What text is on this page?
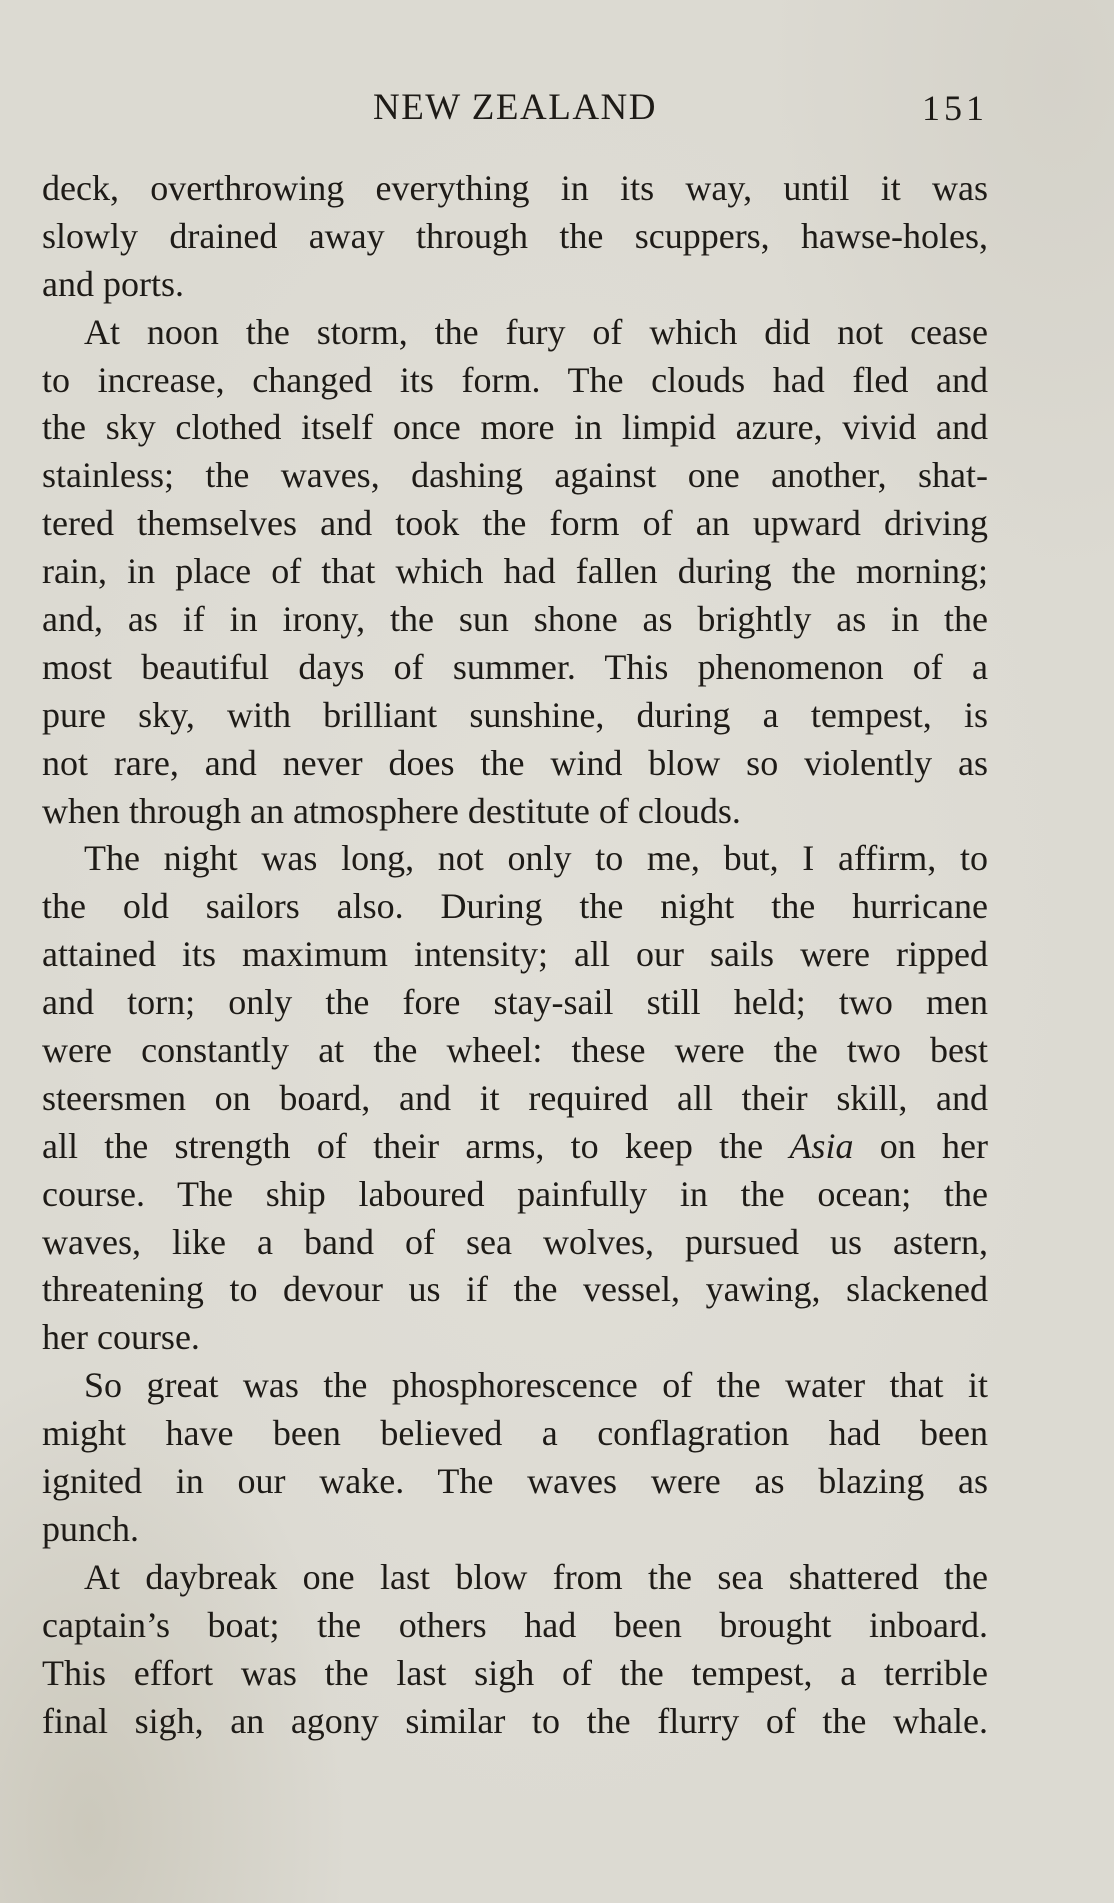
NEW ZEALAND	151
deck, overthrowing everything in its way, until it was
slowly drained away through the scuppers, hawse-holes,
and ports.
At noon the storm, the fury of which did not cease
to increase, changed its form. The clouds had fled and
the sky clothed itself once more in limpid azure, vivid and
stainless; the waves, dashing against one another, shat-
tered themselves and took the form of an upward driving
rain, in place of that which had fallen during the morning;
and, as if in irony, the sun shone as brightly as in the
most beautiful days of summer. This phenomenon of a
pure sky, with brilliant sunshine, during a tempest, is
not rare, and never does the wind blow so violently as
when through an atmosphere destitute of clouds.
The night was long, not only to me, but, I affirm, to
the old sailors also. During the night the hurricane
attained its maximum intensity; all our sails were ripped
and torn; only the fore stay-sail still held; two men
were constantly at the wheel: these were the two best
steersmen on board, and it required all their skill, and
all the strength of their arms, to keep the Asia on her
course. The ship laboured painfully in the ocean; the
waves, like a band of sea wolves, pursued us astern,
threatening to devour us if the vessel, yawing, slackened
her course.
So great was the phosphorescence of the water that it
might have been believed a conflagration had been
ignited in our wake. The waves were as blazing as
punch.
At daybreak one last blow from the sea shattered the
captain’s boat; the others had been brought inboard.
This effort was the last sigh of the tempest, a terrible
final sigh, an agony similar to the flurry of the whale.
